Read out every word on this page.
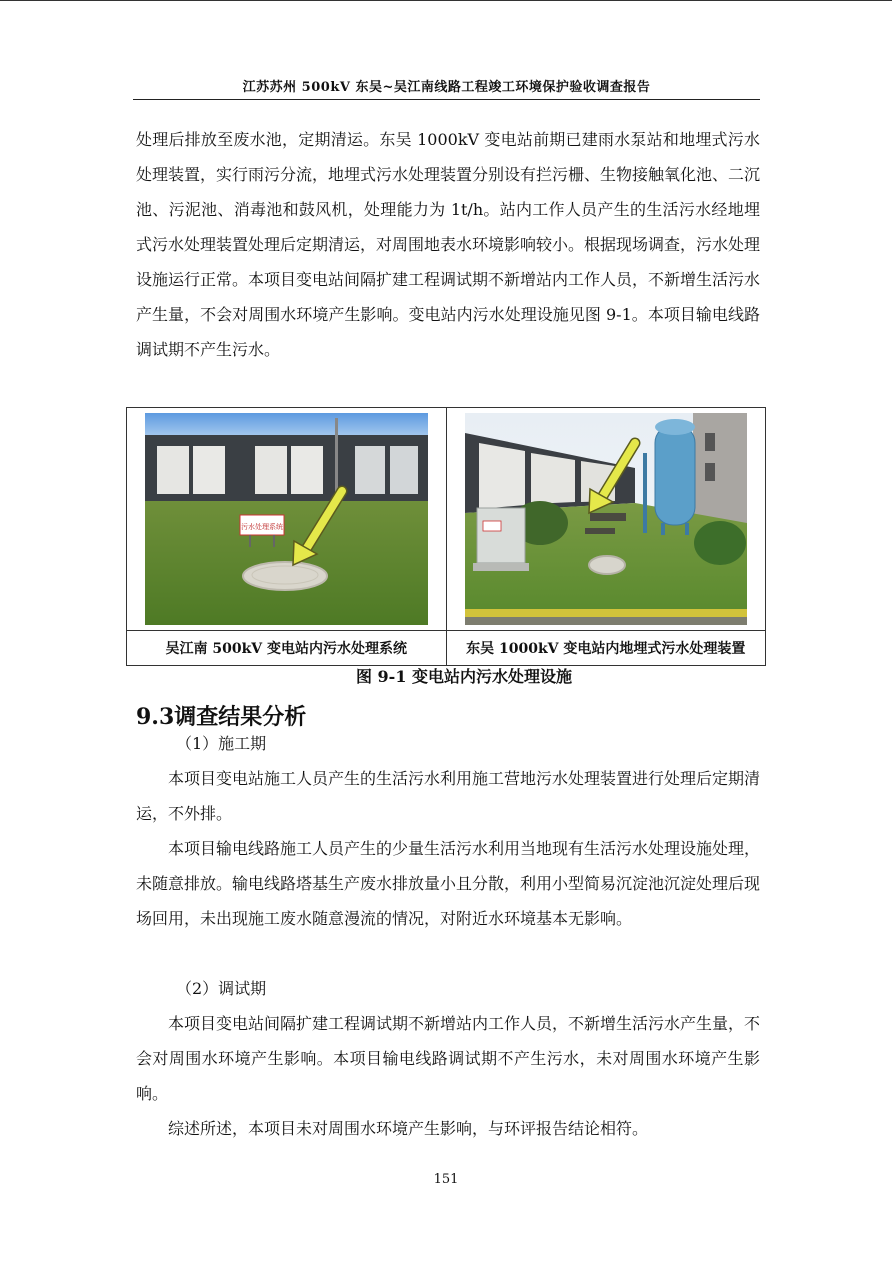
江苏苏州 500kV 东吴~吴江南线路工程竣工环境保护验收调查报告

处理后排放至废水池，定期清运。东吴 1000kV 变电站前期已建雨水泵站和地埋式污水处理装置，实行雨污分流，地埋式污水处理装置分别设有拦污栅、生物接触氧化池、二沉池、污泥池、消毒池和鼓风机，处理能力为 1t/h。站内工作人员产生的生活污水经地埋式污水处理装置处理后定期清运，对周围地表水环境影响较小。根据现场调查，污水处理设施运行正常。本项目变电站间隔扩建工程调试期不新增站内工作人员，不新增生活污水产生量，不会对周围水环境产生影响。变电站内污水处理设施见图 9-1。本项目输电线路调试期不产生污水。

污水处理系统

吴江南 500kV 变电站内污水处理系统	东吴 1000kV 变电站内地埋式污水处理装置
图 9-1 变电站内污水处理设施
9.3调查结果分析

（1）施工期

本项目变电站施工人员产生的生活污水利用施工营地污水处理装置进行处理后定期清运，不外排。

本项目输电线路施工人员产生的少量生活污水利用当地现有生活污水处理设施处理，未随意排放。输电线路塔基生产废水排放量小且分散，利用小型简易沉淀池沉淀处理后现场回用，未出现施工废水随意漫流的情况，对附近水环境基本无影响。

（2）调试期

本项目变电站间隔扩建工程调试期不新增站内工作人员，不新增生活污水产生量，不会对周围水环境产生影响。本项目输电线路调试期不产生污水，未对周围水环境产生影响。

综述所述，本项目未对周围水环境产生影响，与环评报告结论相符。

151
